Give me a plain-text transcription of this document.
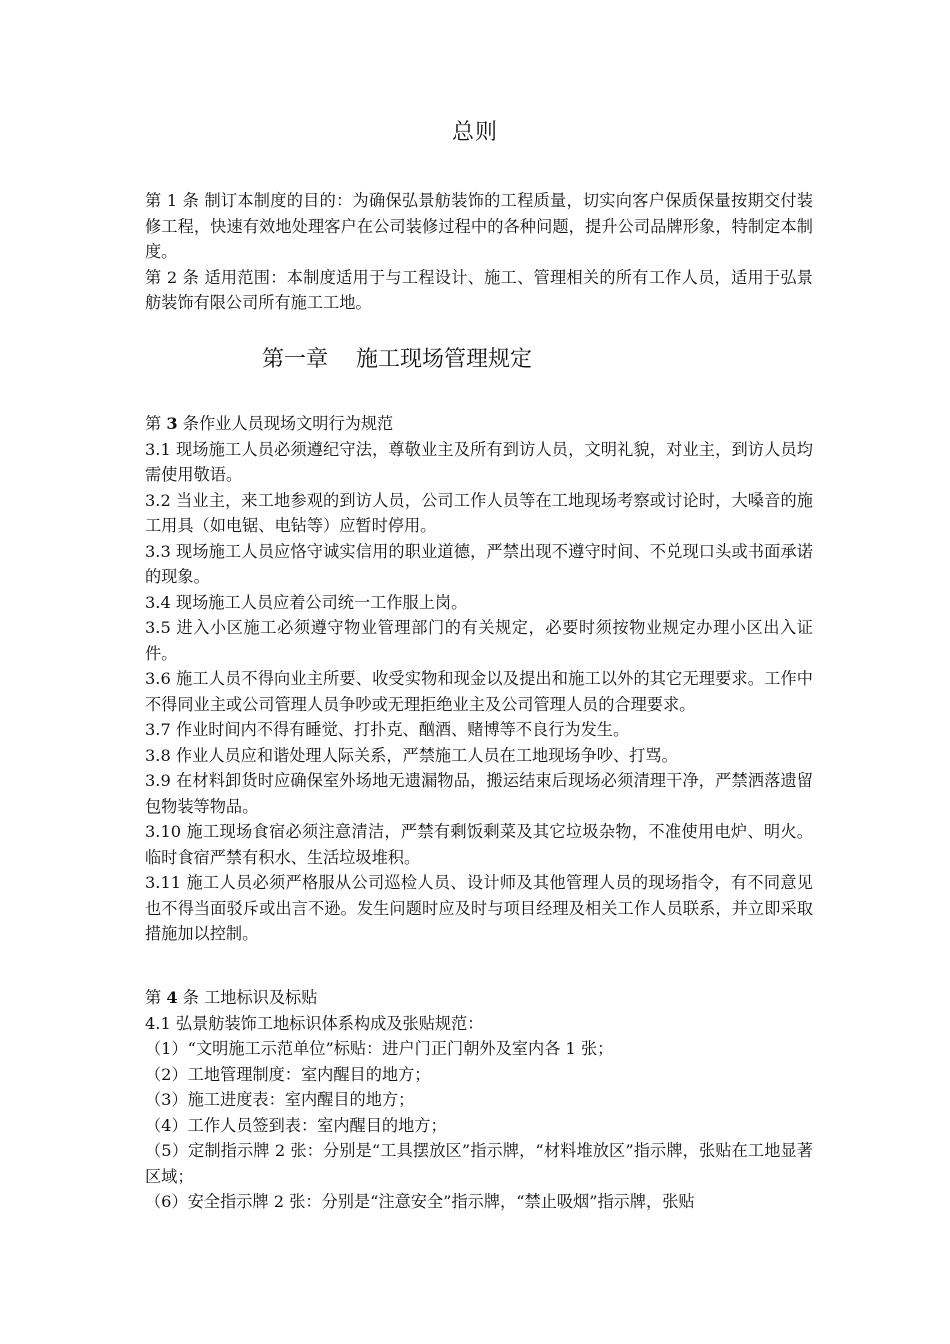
总则

第 1 条 制订本制度的目的：为确保弘景舫装饰的工程质量，切实向客户保质保量按期交付装修工程，快速有效地处理客户在公司装修过程中的各种问题，提升公司品牌形象，特制定本制度。

第 2 条 适用范围：本制度适用于与工程设计、施工、管理相关的所有工作人员，适用于弘景舫装饰有限公司所有施工工地。

第一章    施工现场管理规定

第 3 条作业人员现场文明行为规范

3.1 现场施工人员必须遵纪守法，尊敬业主及所有到访人员，文明礼貌，对业主，到访人员均需使用敬语。

3.2 当业主，来工地参观的到访人员，公司工作人员等在工地现场考察或讨论时，大嗓音的施工用具（如电锯、电钻等）应暂时停用。

3.3 现场施工人员应恪守诚实信用的职业道德，严禁出现不遵守时间、不兑现口头或书面承诺的现象。

3.4 现场施工人员应着公司统一工作服上岗。

3.5 进入小区施工必须遵守物业管理部门的有关规定，必要时须按物业规定办理小区出入证件。

3.6 施工人员不得向业主所要、收受实物和现金以及提出和施工以外的其它无理要求。工作中不得同业主或公司管理人员争吵或无理拒绝业主及公司管理人员的合理要求。

3.7 作业时间内不得有睡觉、打扑克、酗酒、赌博等不良行为发生。

3.8 作业人员应和谐处理人际关系，严禁施工人员在工地现场争吵、打骂。

3.9 在材料卸货时应确保室外场地无遗漏物品，搬运结束后现场必须清理干净，严禁洒落遗留包物装等物品。

3.10 施工现场食宿必须注意清洁，严禁有剩饭剩菜及其它垃圾杂物，不准使用电炉、明火。临时食宿严禁有积水、生活垃圾堆积。

3.11 施工人员必须严格服从公司巡检人员、设计师及其他管理人员的现场指令，有不同意见也不得当面驳斥或出言不逊。发生问题时应及时与项目经理及相关工作人员联系，并立即采取措施加以控制。

第 4 条 工地标识及标贴

4.1 弘景舫装饰工地标识体系构成及张贴规范：

（1）“文明施工示范单位”标贴：进户门正门朝外及室内各 1 张；

（2）工地管理制度：室内醒目的地方；

（3）施工进度表：室内醒目的地方；

（4）工作人员签到表：室内醒目的地方；

（5）定制指示牌 2 张：分别是“工具摆放区”指示牌，“材料堆放区”指示牌，张贴在工地显著区域；

（6）安全指示牌 2 张：分别是“注意安全”指示牌，“禁止吸烟”指示牌，张贴
